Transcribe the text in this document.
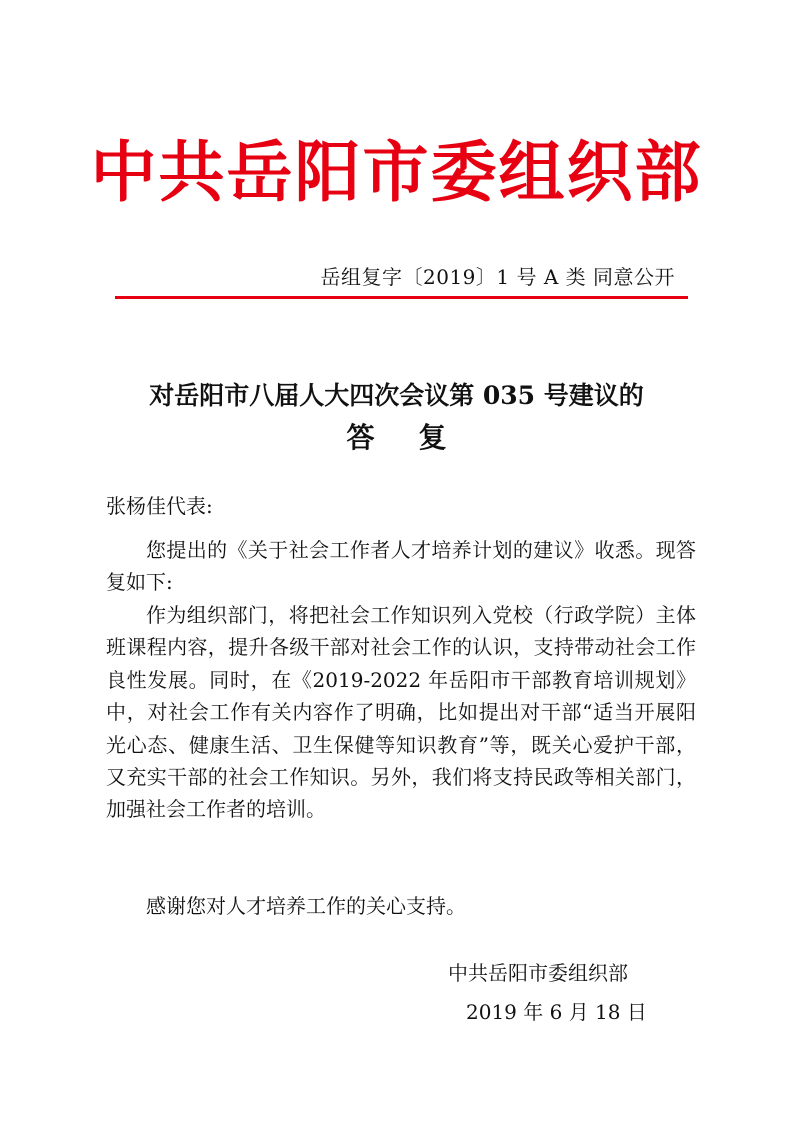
中共岳阳市委组织部
岳组复字〔2019〕1 号 A 类 同意公开
对岳阳市八届人大四次会议第 035 号建议的
答复
张杨佳代表:
您提出的《关于社会工作者人才培养计划的建议》收悉。现答复如下:
作为组织部门，将把社会工作知识列入党校（行政学院）主体班课程内容，提升各级干部对社会工作的认识，支持带动社会工作良性发展。同时，在《2019-2022 年岳阳市干部教育培训规划》中，对社会工作有关内容作了明确，比如提出对干部“适当开展阳光心态、健康生活、卫生保健等知识教育”等，既关心爱护干部，又充实干部的社会工作知识。另外，我们将支持民政等相关部门，加强社会工作者的培训。
感谢您对人才培养工作的关心支持。
中共岳阳市委组织部
2019 年 6 月 18 日
